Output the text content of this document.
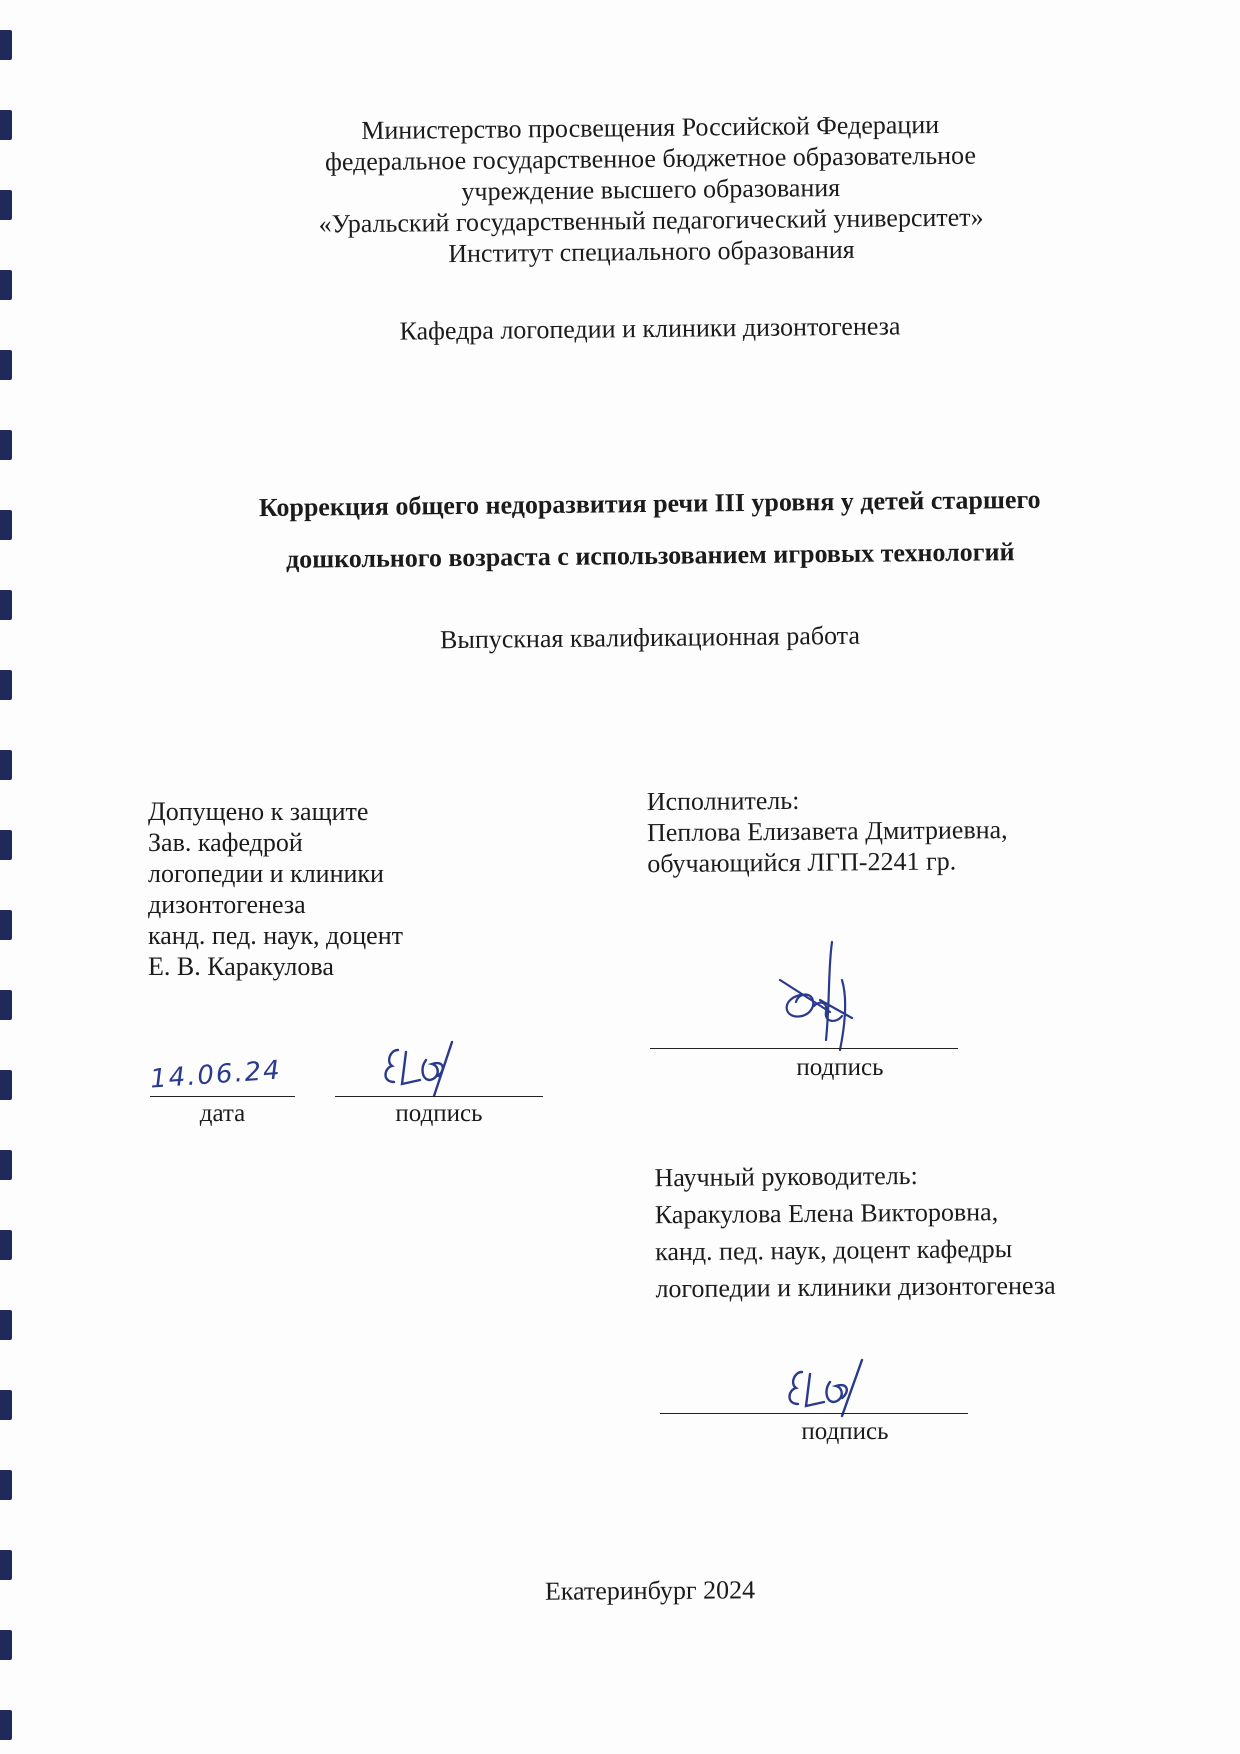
Министерство просвещения Российской Федерации
федеральное государственное бюджетное образовательное
учреждение высшего образования
«Уральский государственный педагогический университет»
Институт специального образования
Кафедра логопедии и клиники дизонтогенеза
Коррекция общего недоразвития речи III уровня у детей старшего
дошкольного возраста с использованием игровых технологий
Выпускная квалификационная работа
Допущено к защите
Зав. кафедрой
логопедии и клиники
дизонтогенеза
канд. пед. наук, доцент
Е. В. Каракулова
14.06.24
дата	подпись
Исполнитель:
Пеплова Елизавета Дмитриевна,
обучающийся ЛГП-2241 гр.
подпись
Научный руководитель:
Каракулова Елена Викторовна,
канд. пед. наук, доцент кафедры
логопедии и клиники дизонтогенеза
подпись
Екатеринбург 2024
